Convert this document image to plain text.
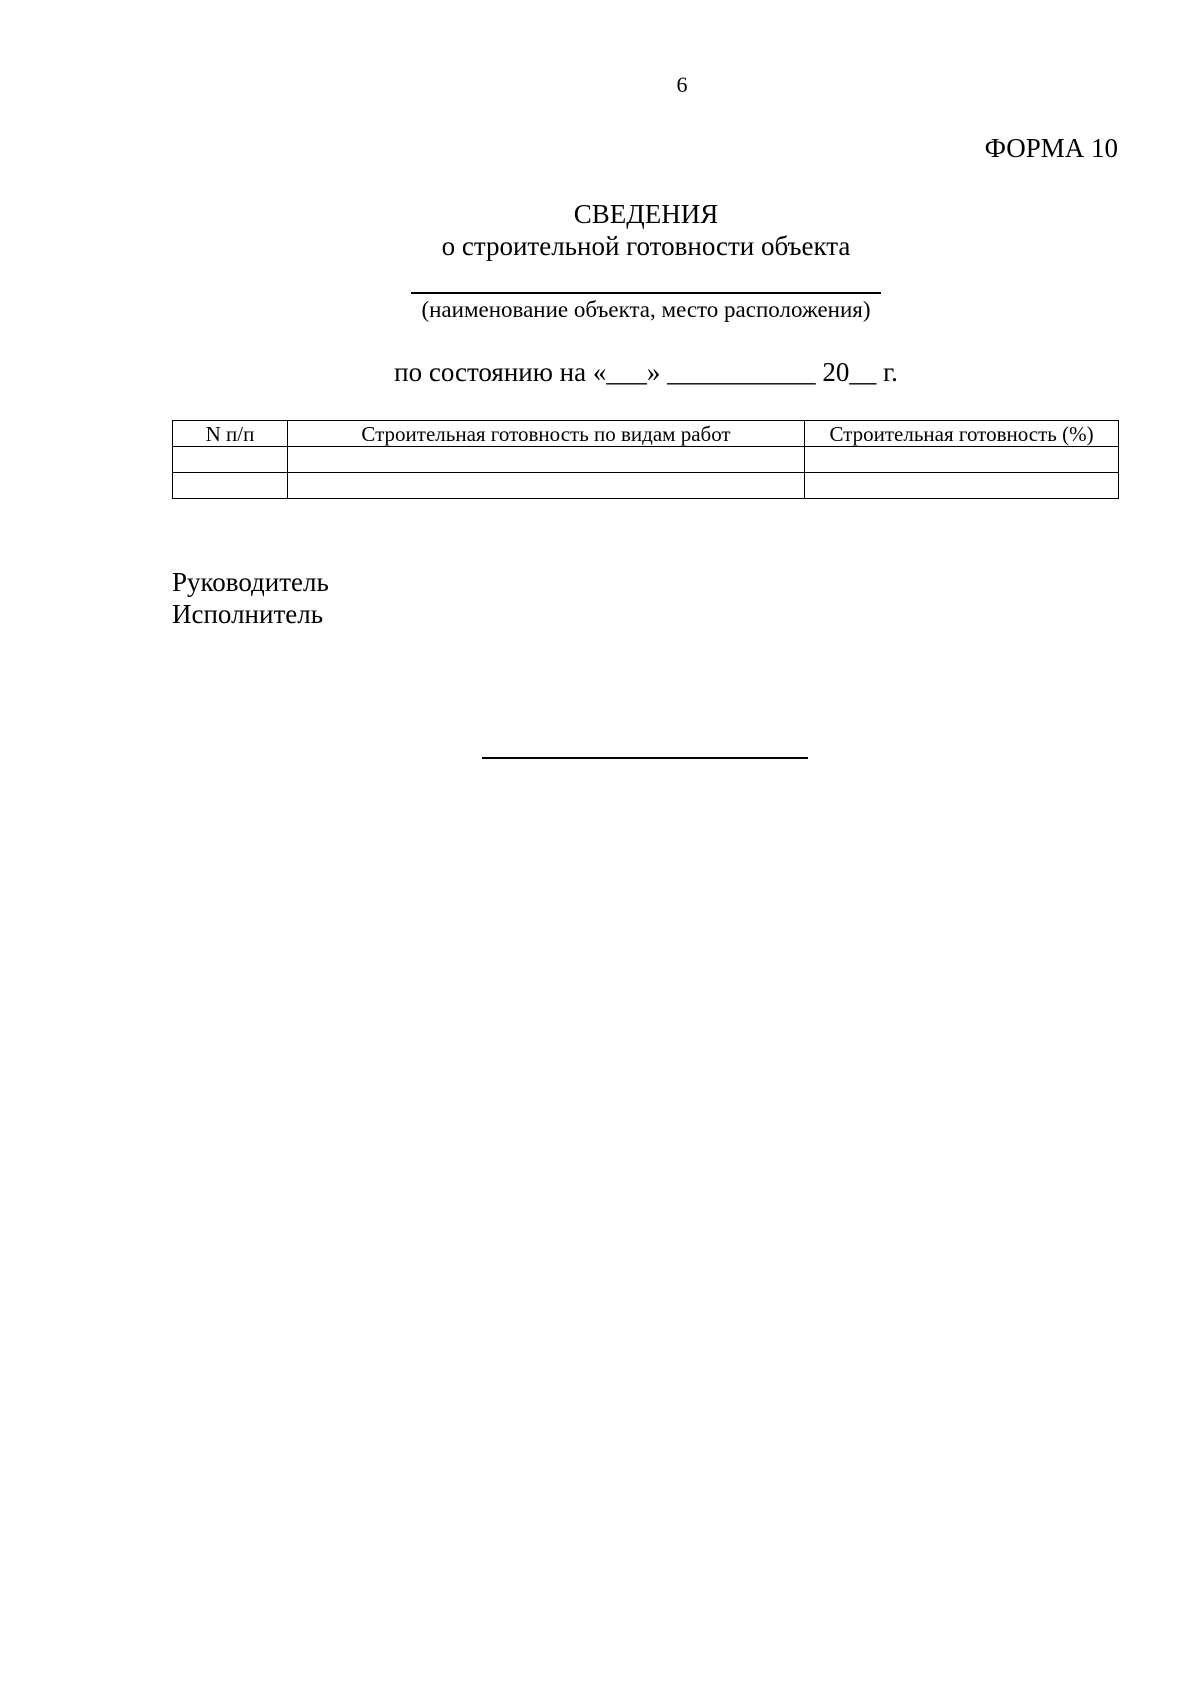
6
ФОРМА 10
СВЕДЕНИЯ
о строительной готовности объекта
(наименование объекта, место расположения)
по состоянию на «___» ___________ 20__ г.
N п/п	Строительная готовность по видам работ	Строительная готовность (%)

Руководитель
Исполнитель
